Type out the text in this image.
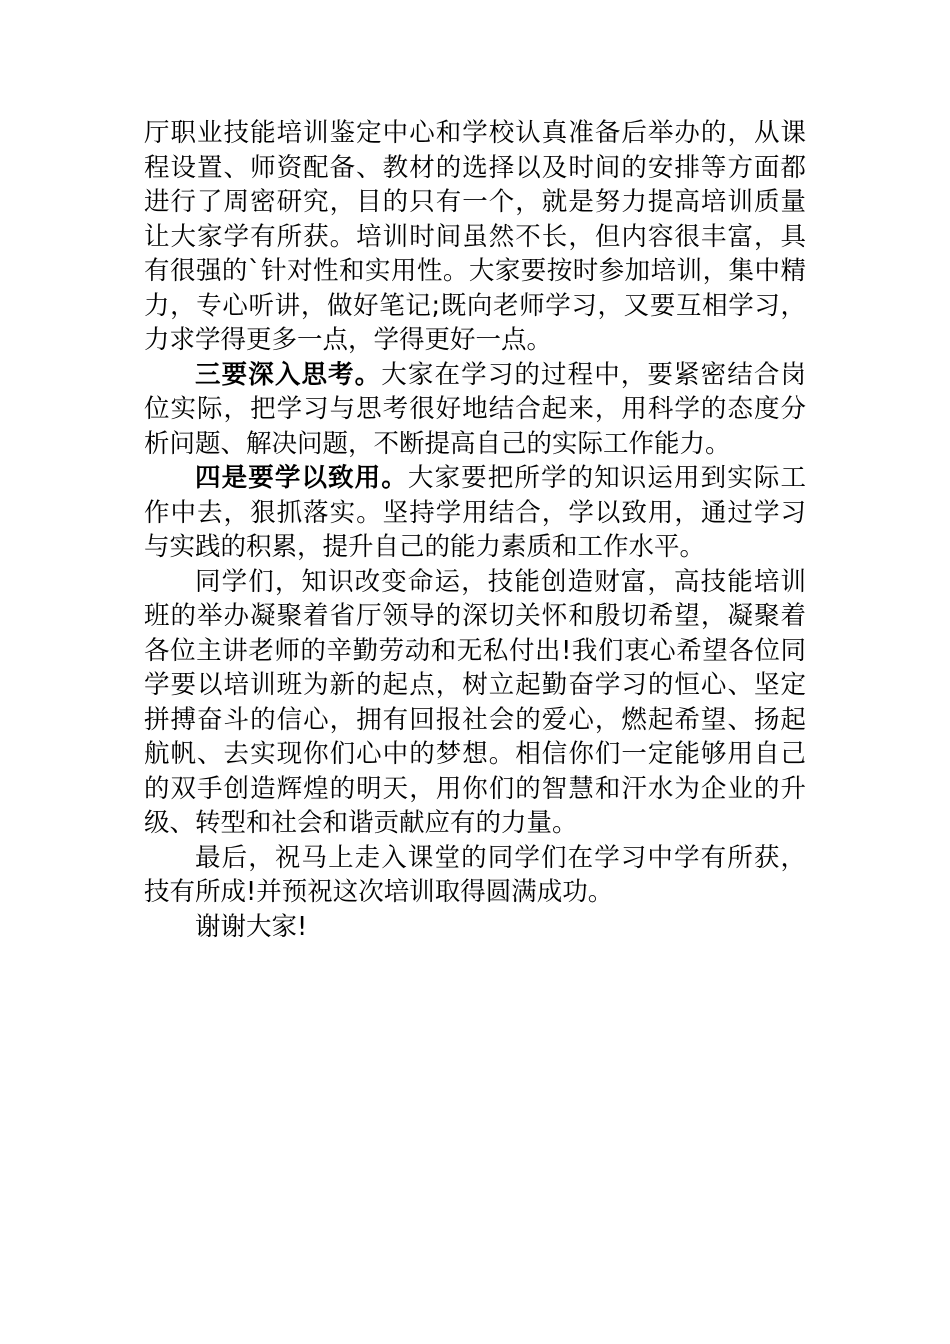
厅职业技能培训鉴定中心和学校认真准备后举办的，从课程设置、师资配备、教材的选择以及时间的安排等方面都进行了周密研究，目的只有一个，就是努力提高培训质量让大家学有所获。培训时间虽然不长，但内容很丰富，具有很强的`针对性和实用性。大家要按时参加培训，集中精力，专心听讲，做好笔记;既向老师学习，又要互相学习，力求学得更多一点，学得更好一点。

三要深入思考。大家在学习的过程中，要紧密结合岗位实际，把学习与思考很好地结合起来，用科学的态度分析问题、解决问题，不断提高自己的实际工作能力。

四是要学以致用。大家要把所学的知识运用到实际工作中去，狠抓落实。坚持学用结合，学以致用，通过学习与实践的积累，提升自己的能力素质和工作水平。

同学们，知识改变命运，技能创造财富，高技能培训班的举办凝聚着省厅领导的深切关怀和殷切希望，凝聚着各位主讲老师的辛勤劳动和无私付出!我们衷心希望各位同学要以培训班为新的起点，树立起勤奋学习的恒心、坚定拼搏奋斗的信心，拥有回报社会的爱心，燃起希望、扬起航帆、去实现你们心中的梦想。相信你们一定能够用自己的双手创造辉煌的明天，用你们的智慧和汗水为企业的升级、转型和社会和谐贡献应有的力量。

最后，祝马上走入课堂的同学们在学习中学有所获，技有所成!并预祝这次培训取得圆满成功。

谢谢大家!
